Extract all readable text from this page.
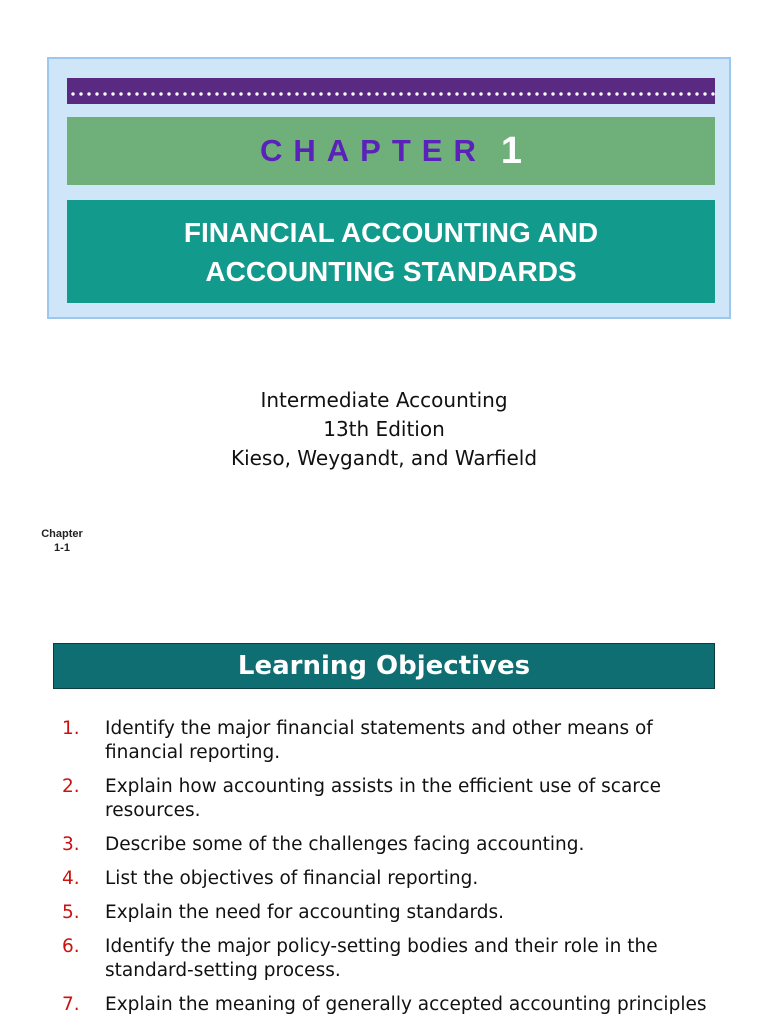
CHAPTER 1
FINANCIAL ACCOUNTING AND
ACCOUNTING STANDARDS
Intermediate Accounting
13th Edition
Kieso, Weygandt, and Warfield
Chapter
1-1
Learning Objectives
1.	Identify the major financial statements and other means of financial reporting.
2.	Explain how accounting assists in the efficient use of scarce resources.
3.	Describe some of the challenges facing accounting.
4.	List the objectives of financial reporting.
5.	Explain the need for accounting standards.
6.	Identify the major policy-setting bodies and their role in the standard-setting process.
7.	Explain the meaning of generally accepted accounting principles
